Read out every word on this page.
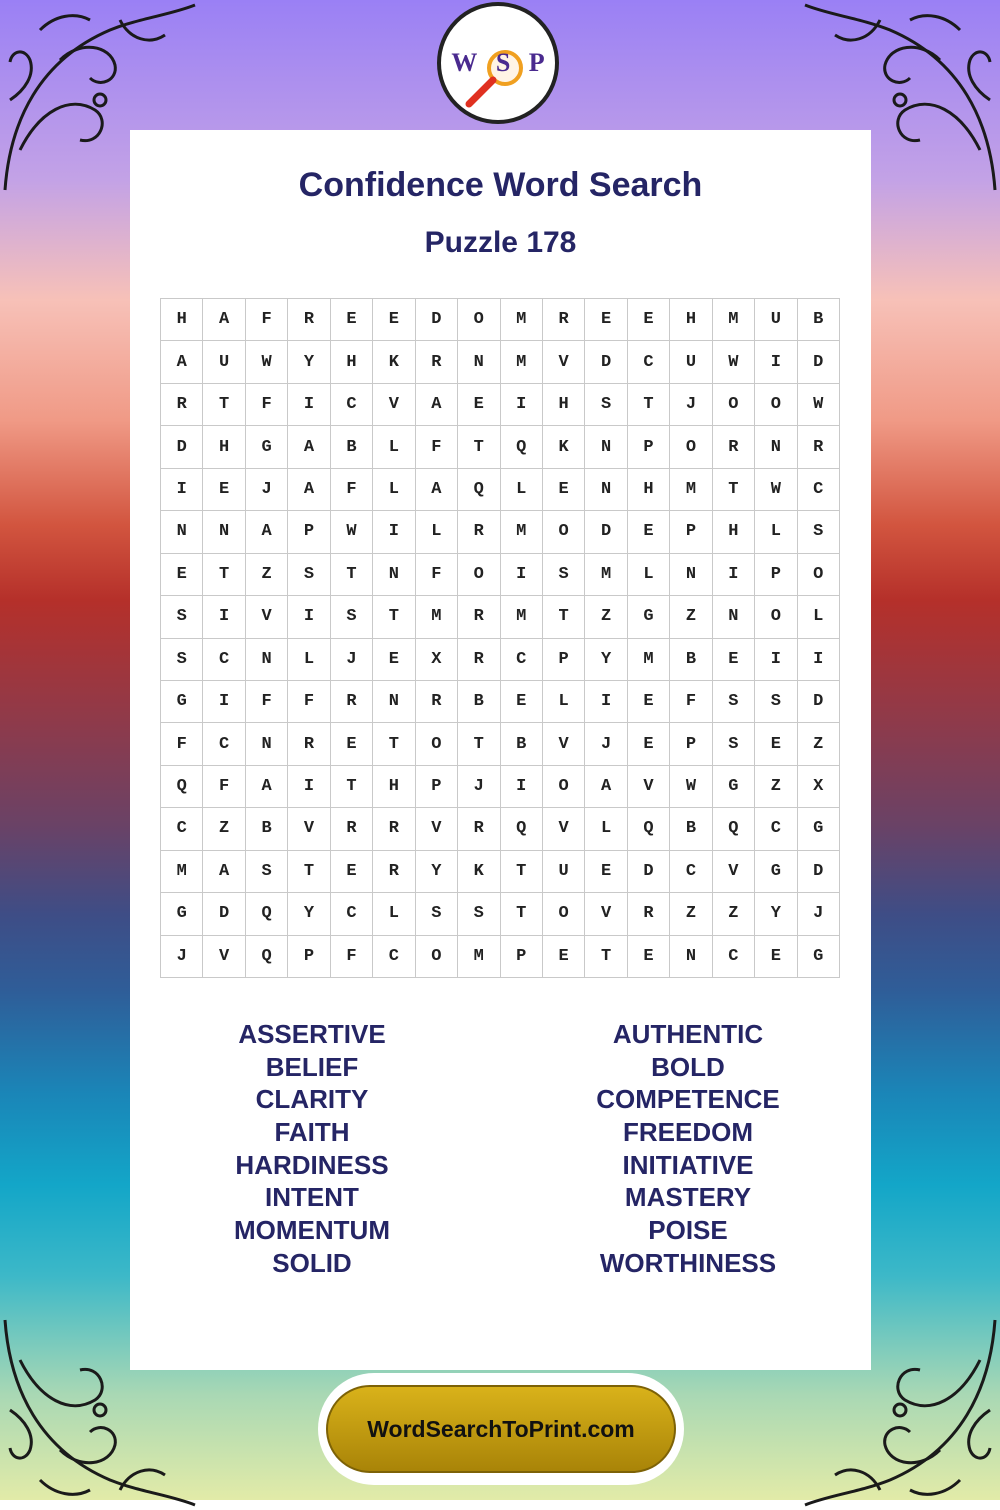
W S P
Confidence Word Search
Puzzle 178
H	A	F	R	E	E	D	O	M	R	E	E	H	M	U	B
A	U	W	Y	H	K	R	N	M	V	D	C	U	W	I	D
R	T	F	I	C	V	A	E	I	H	S	T	J	O	O	W
D	H	G	A	B	L	F	T	Q	K	N	P	O	R	N	R
I	E	J	A	F	L	A	Q	L	E	N	H	M	T	W	C
N	N	A	P	W	I	L	R	M	O	D	E	P	H	L	S
E	T	Z	S	T	N	F	O	I	S	M	L	N	I	P	O
S	I	V	I	S	T	M	R	M	T	Z	G	Z	N	O	L
S	C	N	L	J	E	X	R	C	P	Y	M	B	E	I	I
G	I	F	F	R	N	R	B	E	L	I	E	F	S	S	D
F	C	N	R	E	T	O	T	B	V	J	E	P	S	E	Z
Q	F	A	I	T	H	P	J	I	O	A	V	W	G	Z	X
C	Z	B	V	R	R	V	R	Q	V	L	Q	B	Q	C	G
M	A	S	T	E	R	Y	K	T	U	E	D	C	V	G	D
G	D	Q	Y	C	L	S	S	T	O	V	R	Z	Z	Y	J
J	V	Q	P	F	C	O	M	P	E	T	E	N	C	E	G
ASSERTIVE
BELIEF
CLARITY
FAITH
HARDINESS
INTENT
MOMENTUM
SOLID
AUTHENTIC
BOLD
COMPETENCE
FREEDOM
INITIATIVE
MASTERY
POISE
WORTHINESS
WordSearchToPrint.com
